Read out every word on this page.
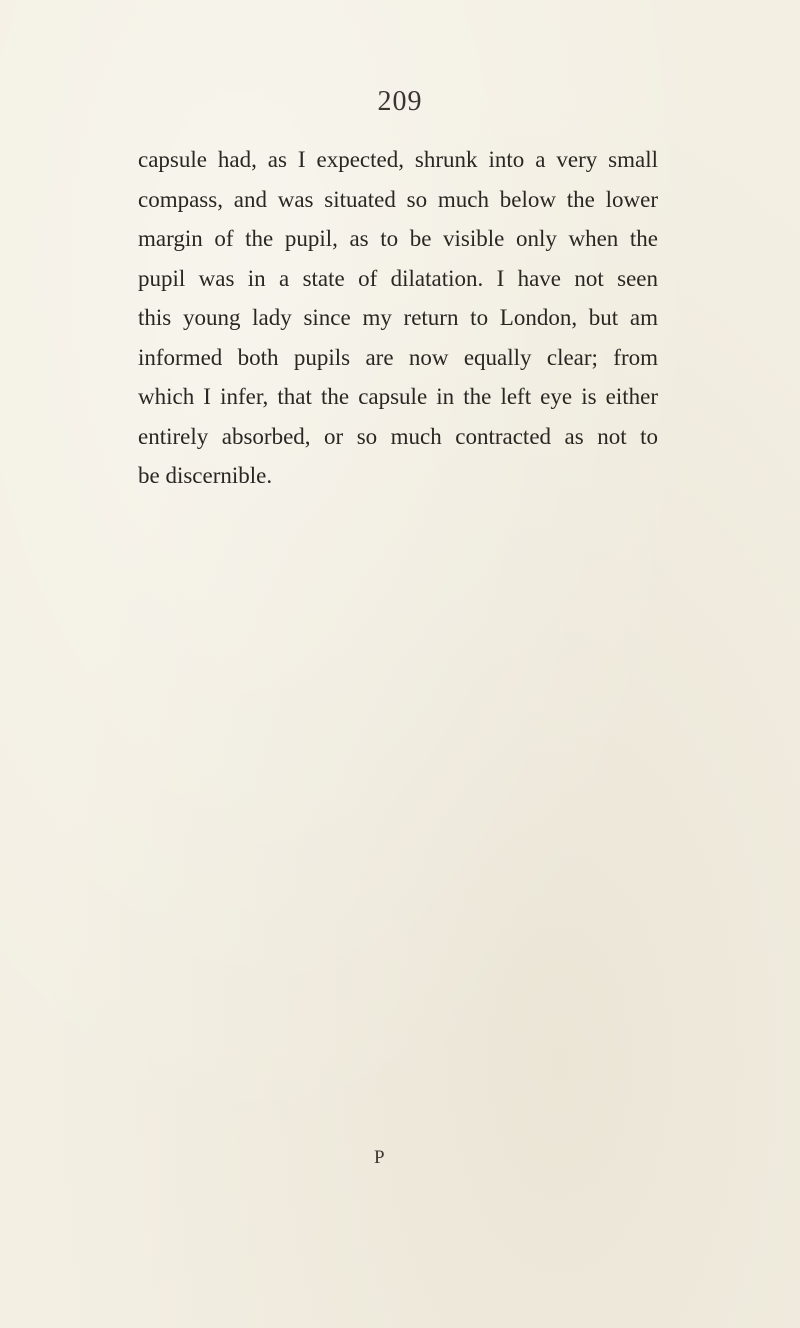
209

capsule had, as I expected, shrunk into a very small
compass, and was situated so much below the lower
margin of the pupil, as to be visible only when the
pupil was in a state of dilatation. I have not seen
this young lady since my return to London, but am
informed both pupils are now equally clear; from
which I infer, that the capsule in the left eye is either
entirely absorbed, or so much contracted as not to
be discernible.

P
